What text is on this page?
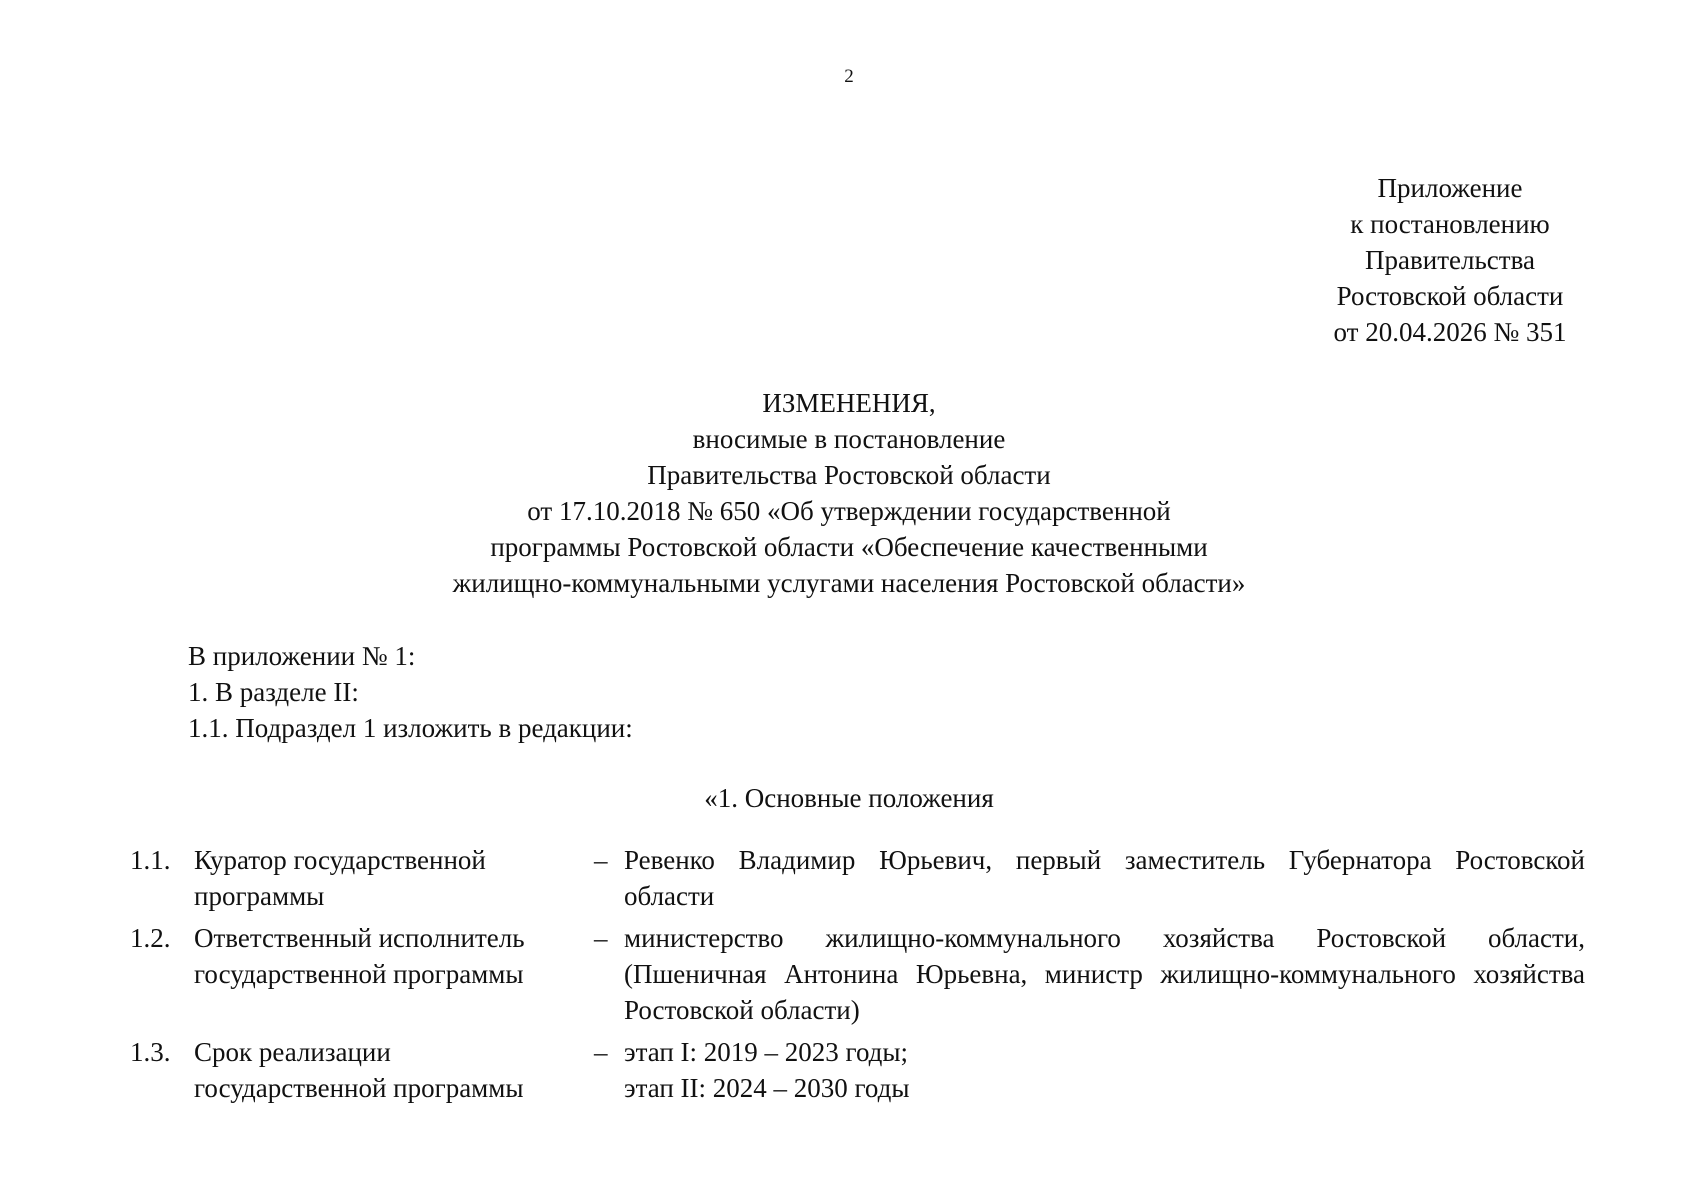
2
Приложение
к постановлению
Правительства
Ростовской области
от 20.04.2026 № 351
ИЗМЕНЕНИЯ,
вносимые в постановление
Правительства Ростовской области
от 17.10.2018 № 650 «Об утверждении государственной
программы Ростовской области «Обеспечение качественными
жилищно-коммунальными услугами населения Ростовской области»
В приложении № 1:
1. В разделе II:
1.1. Подраздел 1 изложить в редакции:
«1. Основные положения
1.1. Куратор государственной
программы
– Ревенко Владимир Юрьевич, первый заместитель Губернатора Ростовской
области
1.2. Ответственный исполнитель
государственной программы
– министерство жилищно-коммунального хозяйства Ростовской области,
(Пшеничная Антонина Юрьевна, министр жилищно-коммунального хозяйства
Ростовской области)
1.3. Срок реализации
государственной программы
– этап I: 2019 – 2023 годы;
этап II: 2024 – 2030 годы
